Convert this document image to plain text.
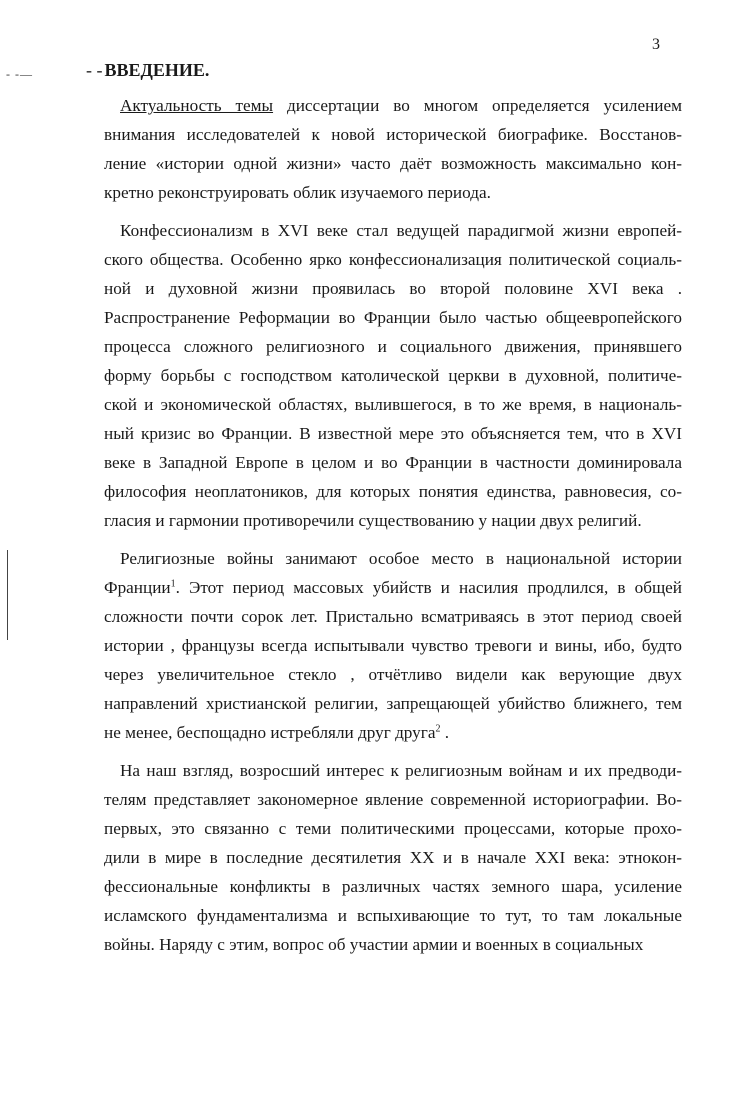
3
- -—	- - ВВЕДЕНИЕ.
Актуальность темы диссертации во многом определяется усилением
внимания исследователей к новой исторической биографике. Восстанов-
ление «истории одной жизни» часто даёт возможность максимально кон-
кретно реконструировать облик изучаемого периода.
Конфессионализм в XVI веке стал ведущей парадигмой жизни европей-
ского общества. Особенно ярко конфессионализация политической социаль-
ной и духовной жизни проявилась во второй половине XVI века .
Распространение Реформации во Франции было частью общеевропейского
процесса сложного религиозного и социального движения, принявшего
форму борьбы с господством католической церкви в духовной, политиче-
ской и экономической областях, вылившегося, в то же время, в националь-
ный кризис во Франции. В известной мере это объясняется тем, что в XVI
веке в Западной Европе в целом и во Франции в частности доминировала
философия неоплатоников, для которых понятия единства, равновесия, со-
гласия и гармонии противоречили существованию у нации двух религий.
Религиозные войны занимают особое место в национальной истории
Франции$^1$. Этот период массовых убийств и насилия продлился, в общей
сложности почти сорок лет. Пристально всматриваясь в этот период своей
истории , французы всегда испытывали чувство тревоги и вины, ибо, будто
через увеличительное стекло , отчётливо видели как верующие двух
направлений христианской религии, запрещающей убийство ближнего, тем
не менее, беспощадно истребляли друг друга$^2$ .
На наш взгляд, возросший интерес к религиозным войнам и их предводи-
телям представляет закономерное явление современной историографии. Во-
первых, это связанно с теми политическими процессами, которые прохо-
дили в мире в последние десятилетия XX и в начале XXI века: этнокон-
фессиональные конфликты в различных частях земного шара, усиление
исламского фундаментализма и вспыхивающие то тут, то там локальные
войны. Наряду с этим, вопрос об участии армии и военных в социальных
